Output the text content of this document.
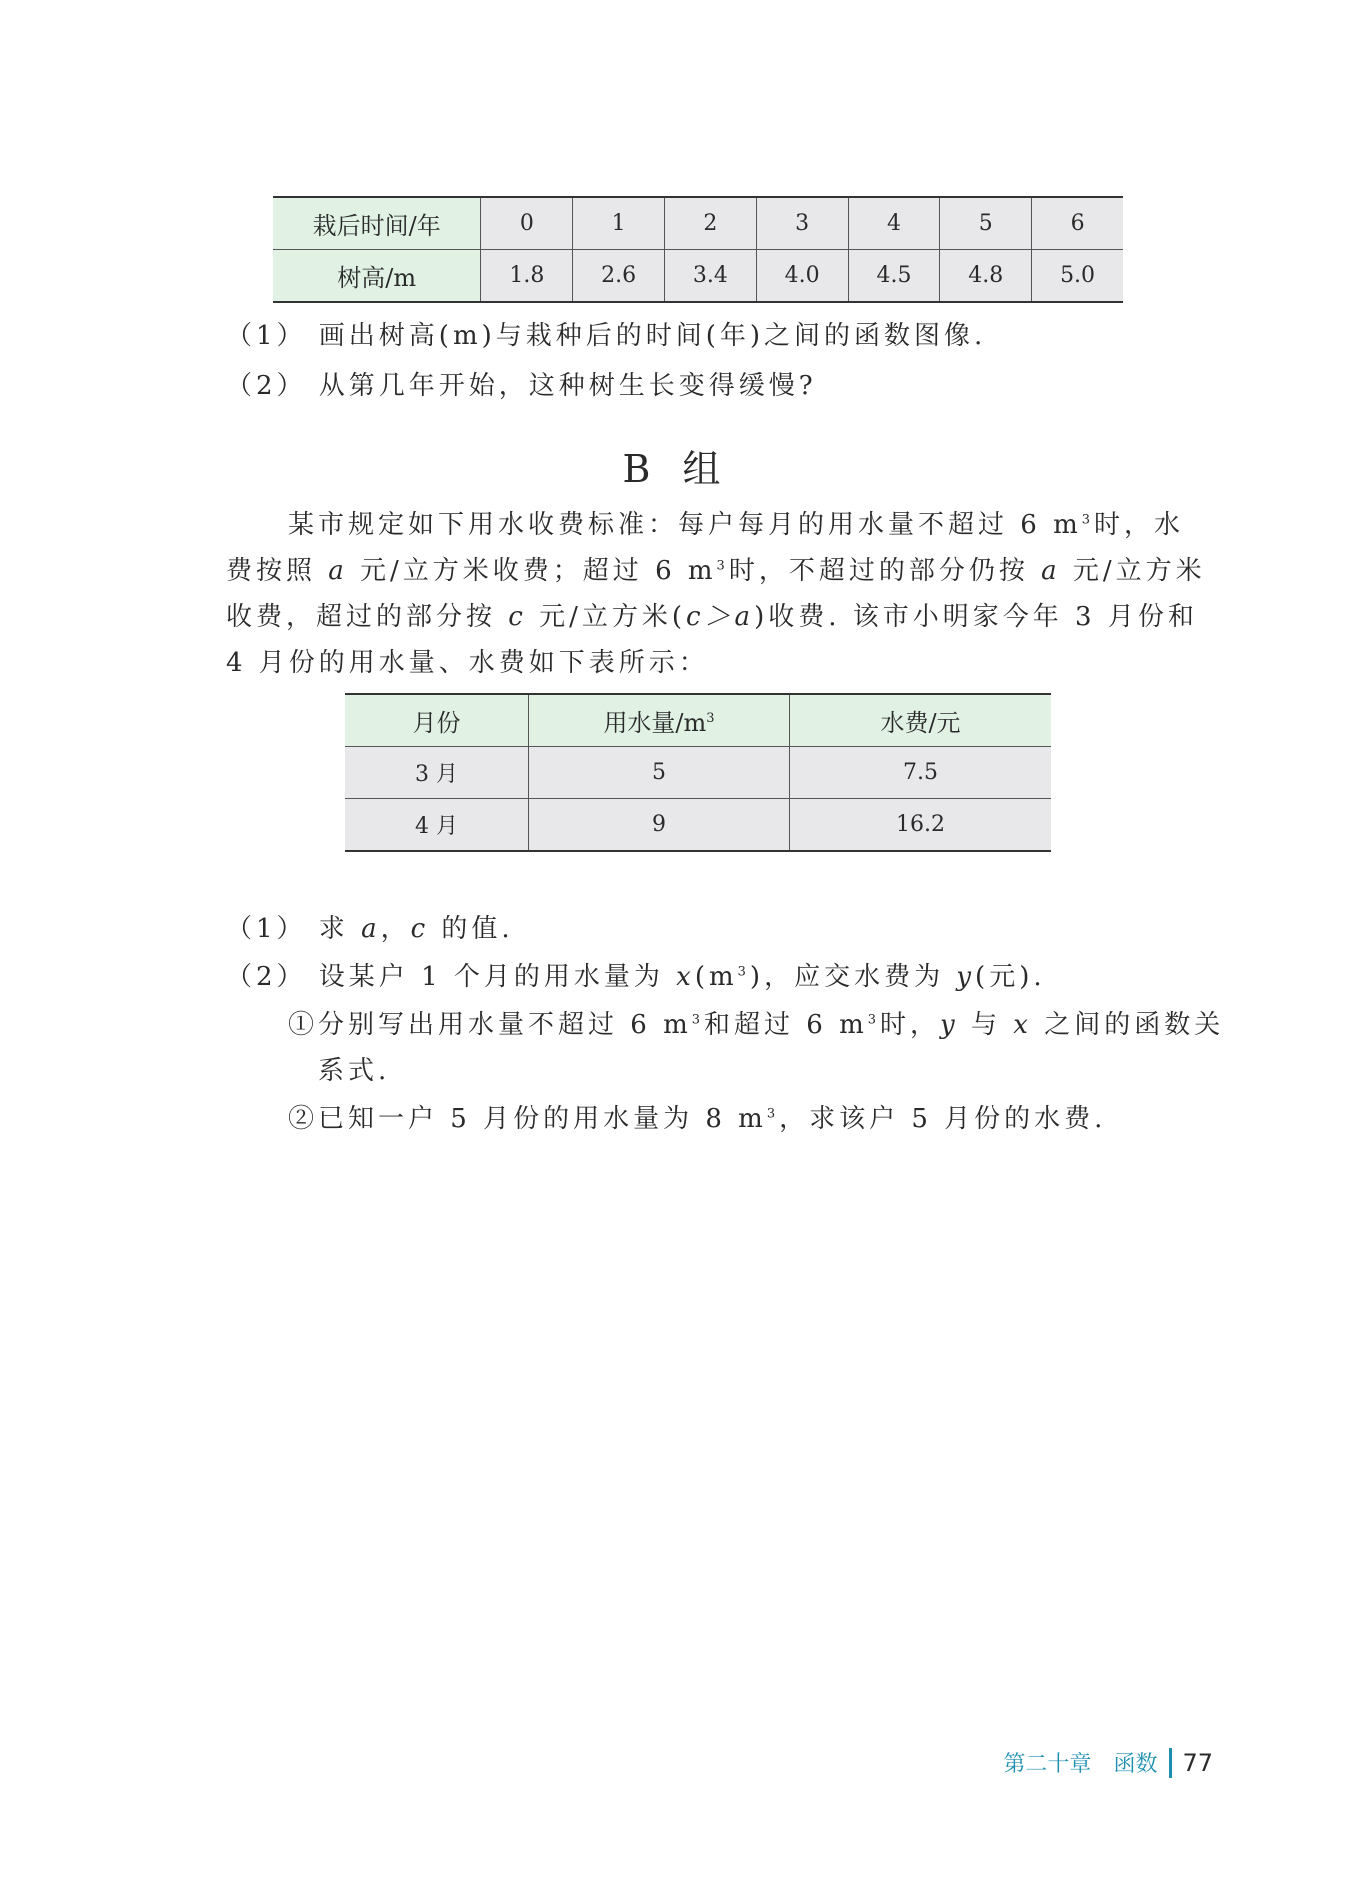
栽后时间/年	0	1	2	3	4	5	6
树高/m	1.8	2.6	3.4	4.0	4.5	4.8	5.0
（1） 画出树高(m)与栽种后的时间(年)之间的函数图像.
（2） 从第几年开始，这种树生长变得缓慢?
B 组
某市规定如下用水收费标准：每户每月的用水量不超过 6 $m^3$时，水
费按照 a 元/立方米收费；超过 6 $m^3$时，不超过的部分仍按 a 元/立方米
收费，超过的部分按 c 元/立方米(c＞a)收费. 该市小明家今年 3 月份和
4 月份的用水量、水费如下表所示：
月份	用水量$/m^3$	水费/元
3 月	5	7.5
4 月	9	16.2
（1） 求 a，c 的值.
（2） 设某户 1 个月的用水量为 $x(m^3)$，应交水费为 y(元).
①分别写出用水量不超过 6 $m^3$和超过 6 $m^3$时，y 与 x 之间的函数关
系式.
②已知一户 5 月份的用水量为 8 $m^3$，求该户 5 月份的水费.
第二十章 函数 77
